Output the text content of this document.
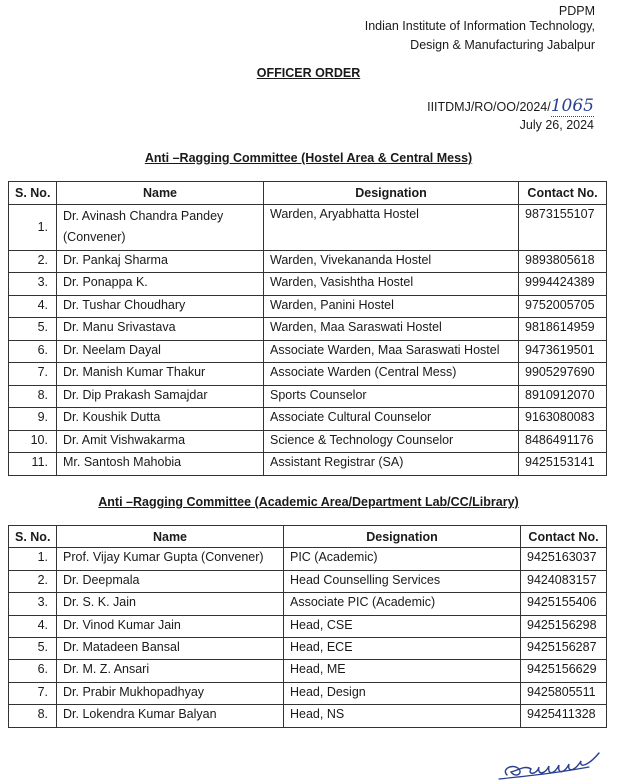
PDPM
Indian Institute of Information Technology,
Design & Manufacturing Jabalpur
OFFICER ORDER
IIITDMJ/RO/OO/2024/1065
July 26, 2024
Anti –Ragging Committee (Hostel Area & Central Mess)
S. No.	Name	Designation	Contact No.
1.	Dr. Avinash Chandra Pandey (Convener)	Warden, Aryabhatta Hostel	9873155107
2.	Dr. Pankaj Sharma	Warden, Vivekananda Hostel	9893805618
3.	Dr. Ponappa K.	Warden, Vasishtha Hostel	9994424389
4.	Dr. Tushar Choudhary	Warden, Panini Hostel	9752005705
5.	Dr. Manu Srivastava	Warden, Maa Saraswati Hostel	9818614959
6.	Dr. Neelam Dayal	Associate Warden, Maa Saraswati Hostel	9473619501
7.	Dr. Manish Kumar Thakur	Associate Warden (Central Mess)	9905297690
8.	Dr. Dip Prakash Samajdar	Sports Counselor	8910912070
9.	Dr. Koushik Dutta	Associate Cultural Counselor	9163080083
10.	Dr. Amit Vishwakarma	Science & Technology Counselor	8486491176
11.	Mr. Santosh Mahobia	Assistant Registrar (SA)	9425153141
Anti –Ragging Committee (Academic Area/Department Lab/CC/Library)
S. No.	Name	Designation	Contact No.
1.	Prof. Vijay Kumar Gupta (Convener)	PIC (Academic)	9425163037
2.	Dr. Deepmala	Head Counselling Services	9424083157
3.	Dr. S. K. Jain	Associate PIC (Academic)	9425155406
4.	Dr. Vinod Kumar Jain	Head, CSE	9425156298
5.	Dr. Matadeen Bansal	Head, ECE	9425156287
6.	Dr. M. Z. Ansari	Head, ME	9425156629
7.	Dr. Prabir Mukhopadhyay	Head, Design	9425805511
8.	Dr. Lokendra Kumar Balyan	Head, NS	9425411328
